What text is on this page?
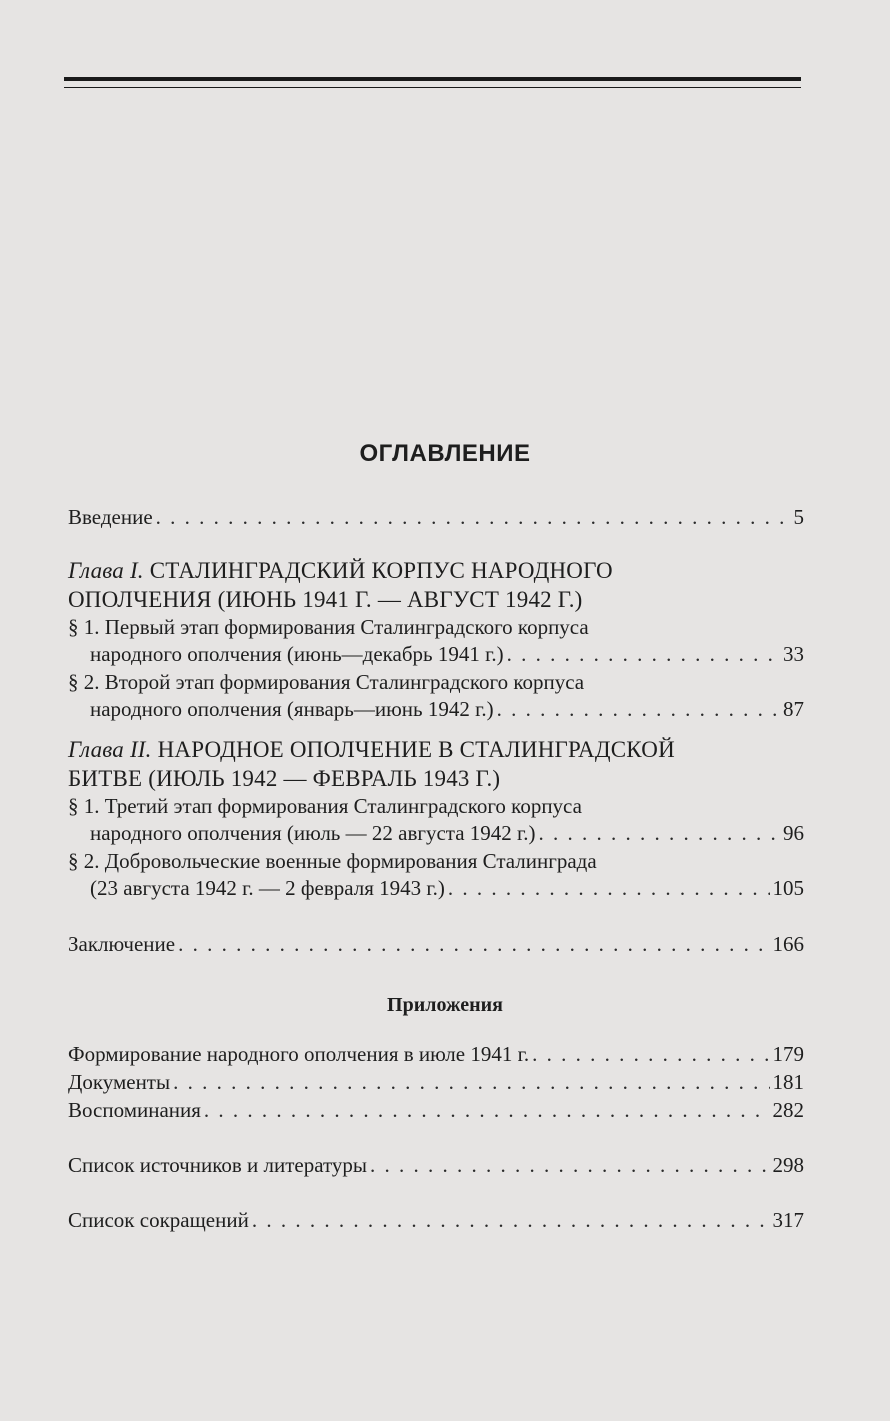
ОГЛАВЛЕНИЕ
Введение . . .	5
Глава I. СТАЛИНГРАДСКИЙ КОРПУС НАРОДНОГО
ОПОЛЧЕНИЯ (ИЮНЬ 1941 Г. — АВГУСТ 1942 Г.)
§ 1. Первый этап формирования Сталинградского корпуса
народного ополчения (июнь—декабрь 1941 г.) . . .	33
§ 2. Второй этап формирования Сталинградского корпуса
народного ополчения (январь—июнь 1942 г.) . . .	87
Глава II. НАРОДНОЕ ОПОЛЧЕНИЕ В СТАЛИНГРАДСКОЙ
БИТВЕ (ИЮЛЬ 1942 — ФЕВРАЛЬ 1943 Г.)
§ 1. Третий этап формирования Сталинградского корпуса
народного ополчения (июль — 22 августа 1942 г.) . . .	96
§ 2. Добровольческие военные формирования Сталинграда
(23 августа 1942 г. — 2 февраля 1943 г.) . . .	105
Заключение . . .	166
Приложения
Формирование народного ополчения в июле 1941 г. . . .	179
Документы . . .	181
Воспоминания . . .	282
Список источников и литературы . . .	298
Список сокращений . . .	317
